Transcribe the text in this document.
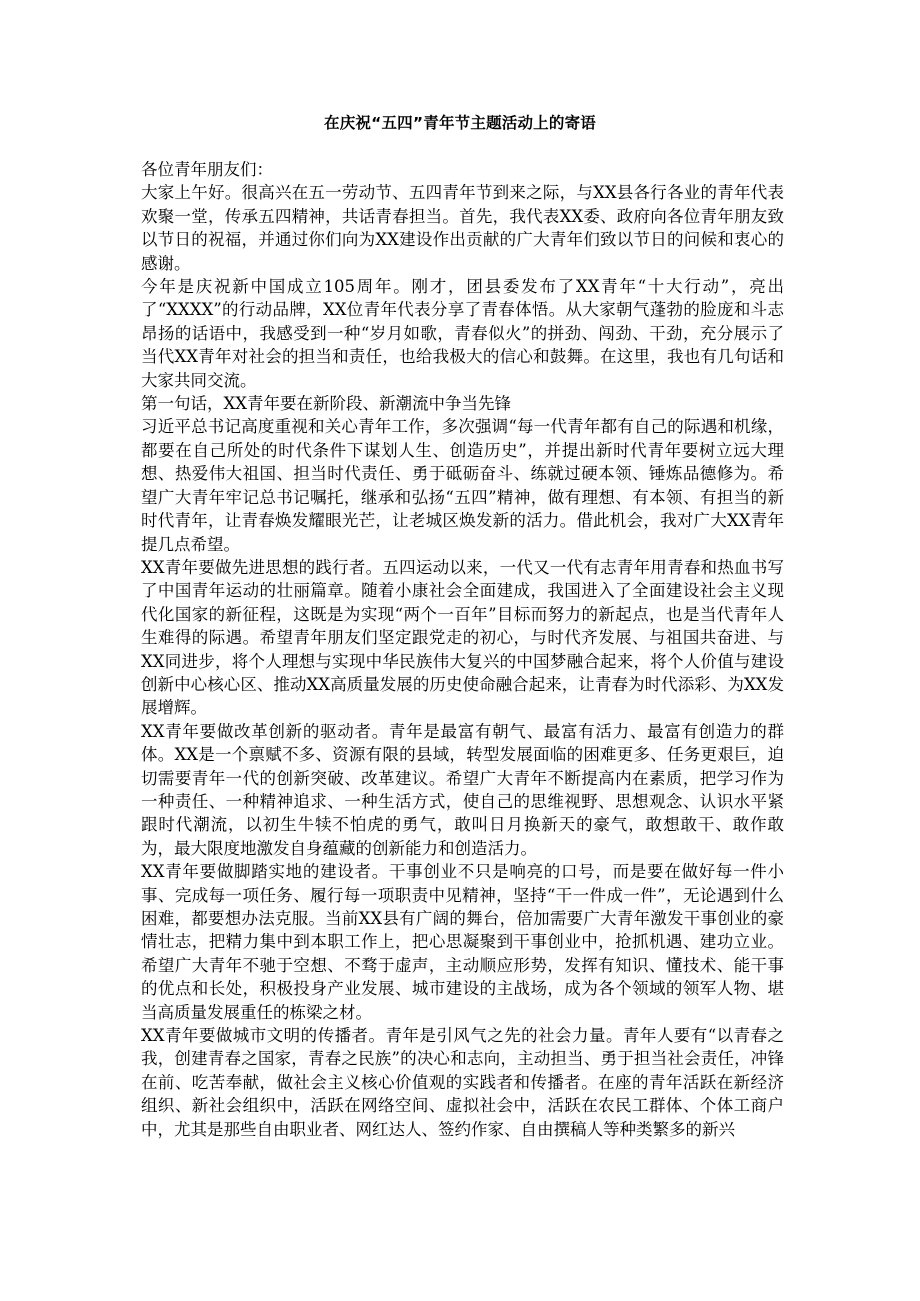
在庆祝“五四”青年节主题活动上的寄语

各位青年朋友们：

大家上午好。很高兴在五一劳动节、五四青年节到来之际，与XX县各行各业的青年代表欢聚一堂，传承五四精神，共话青春担当。首先，我代表XX委、政府向各位青年朋友致以节日的祝福，并通过你们向为XX建设作出贡献的广大青年们致以节日的问候和衷心的感谢。

今年是庆祝新中国成立105周年。刚才，团县委发布了XX青年“十大行动”，亮出了“XXXX”的行动品牌，XX位青年代表分享了青春体悟。从大家朝气蓬勃的脸庞和斗志昂扬的话语中，我感受到一种“岁月如歌，青春似火”的拼劲、闯劲、干劲，充分展示了当代XX青年对社会的担当和责任，也给我极大的信心和鼓舞。在这里，我也有几句话和大家共同交流。

第一句话，XX青年要在新阶段、新潮流中争当先锋

习近平总书记高度重视和关心青年工作，多次强调“每一代青年都有自己的际遇和机缘，都要在自己所处的时代条件下谋划人生、创造历史”，并提出新时代青年要树立远大理想、热爱伟大祖国、担当时代责任、勇于砥砺奋斗、练就过硬本领、锤炼品德修为。希望广大青年牢记总书记嘱托，继承和弘扬“五四”精神，做有理想、有本领、有担当的新时代青年，让青春焕发耀眼光芒，让老城区焕发新的活力。借此机会，我对广大XX青年提几点希望。

XX青年要做先进思想的践行者。五四运动以来，一代又一代有志青年用青春和热血书写了中国青年运动的壮丽篇章。随着小康社会全面建成，我国进入了全面建设社会主义现代化国家的新征程，这既是为实现“两个一百年”目标而努力的新起点，也是当代青年人生难得的际遇。希望青年朋友们坚定跟党走的初心，与时代齐发展、与祖国共奋进、与XX同进步，将个人理想与实现中华民族伟大复兴的中国梦融合起来，将个人价值与建设创新中心核心区、推动XX高质量发展的历史使命融合起来，让青春为时代添彩、为XX发展增辉。

XX青年要做改革创新的驱动者。青年是最富有朝气、最富有活力、最富有创造力的群体。XX是一个禀赋不多、资源有限的县域，转型发展面临的困难更多、任务更艰巨，迫切需要青年一代的创新突破、改革建议。希望广大青年不断提高内在素质，把学习作为一种责任、一种精神追求、一种生活方式，使自己的思维视野、思想观念、认识水平紧跟时代潮流，以初生牛犊不怕虎的勇气，敢叫日月换新天的豪气，敢想敢干、敢作敢为，最大限度地激发自身蕴藏的创新能力和创造活力。

XX青年要做脚踏实地的建设者。干事创业不只是响亮的口号，而是要在做好每一件小事、完成每一项任务、履行每一项职责中见精神，坚持“干一件成一件”，无论遇到什么困难，都要想办法克服。当前XX县有广阔的舞台，倍加需要广大青年激发干事创业的豪情壮志，把精力集中到本职工作上，把心思凝聚到干事创业中，抢抓机遇、建功立业。希望广大青年不驰于空想、不骛于虚声，主动顺应形势，发挥有知识、懂技术、能干事的优点和长处，积极投身产业发展、城市建设的主战场，成为各个领域的领军人物、堪当高质量发展重任的栋梁之材。

XX青年要做城市文明的传播者。青年是引风气之先的社会力量。青年人要有“以青春之我，创建青春之国家，青春之民族”的决心和志向，主动担当、勇于担当社会责任，冲锋在前、吃苦奉献，做社会主义核心价值观的实践者和传播者。在座的青年活跃在新经济组织、新社会组织中，活跃在网络空间、虚拟社会中，活跃在农民工群体、个体工商户中，尤其是那些自由职业者、网红达人、签约作家、自由撰稿人等种类繁多的新兴
